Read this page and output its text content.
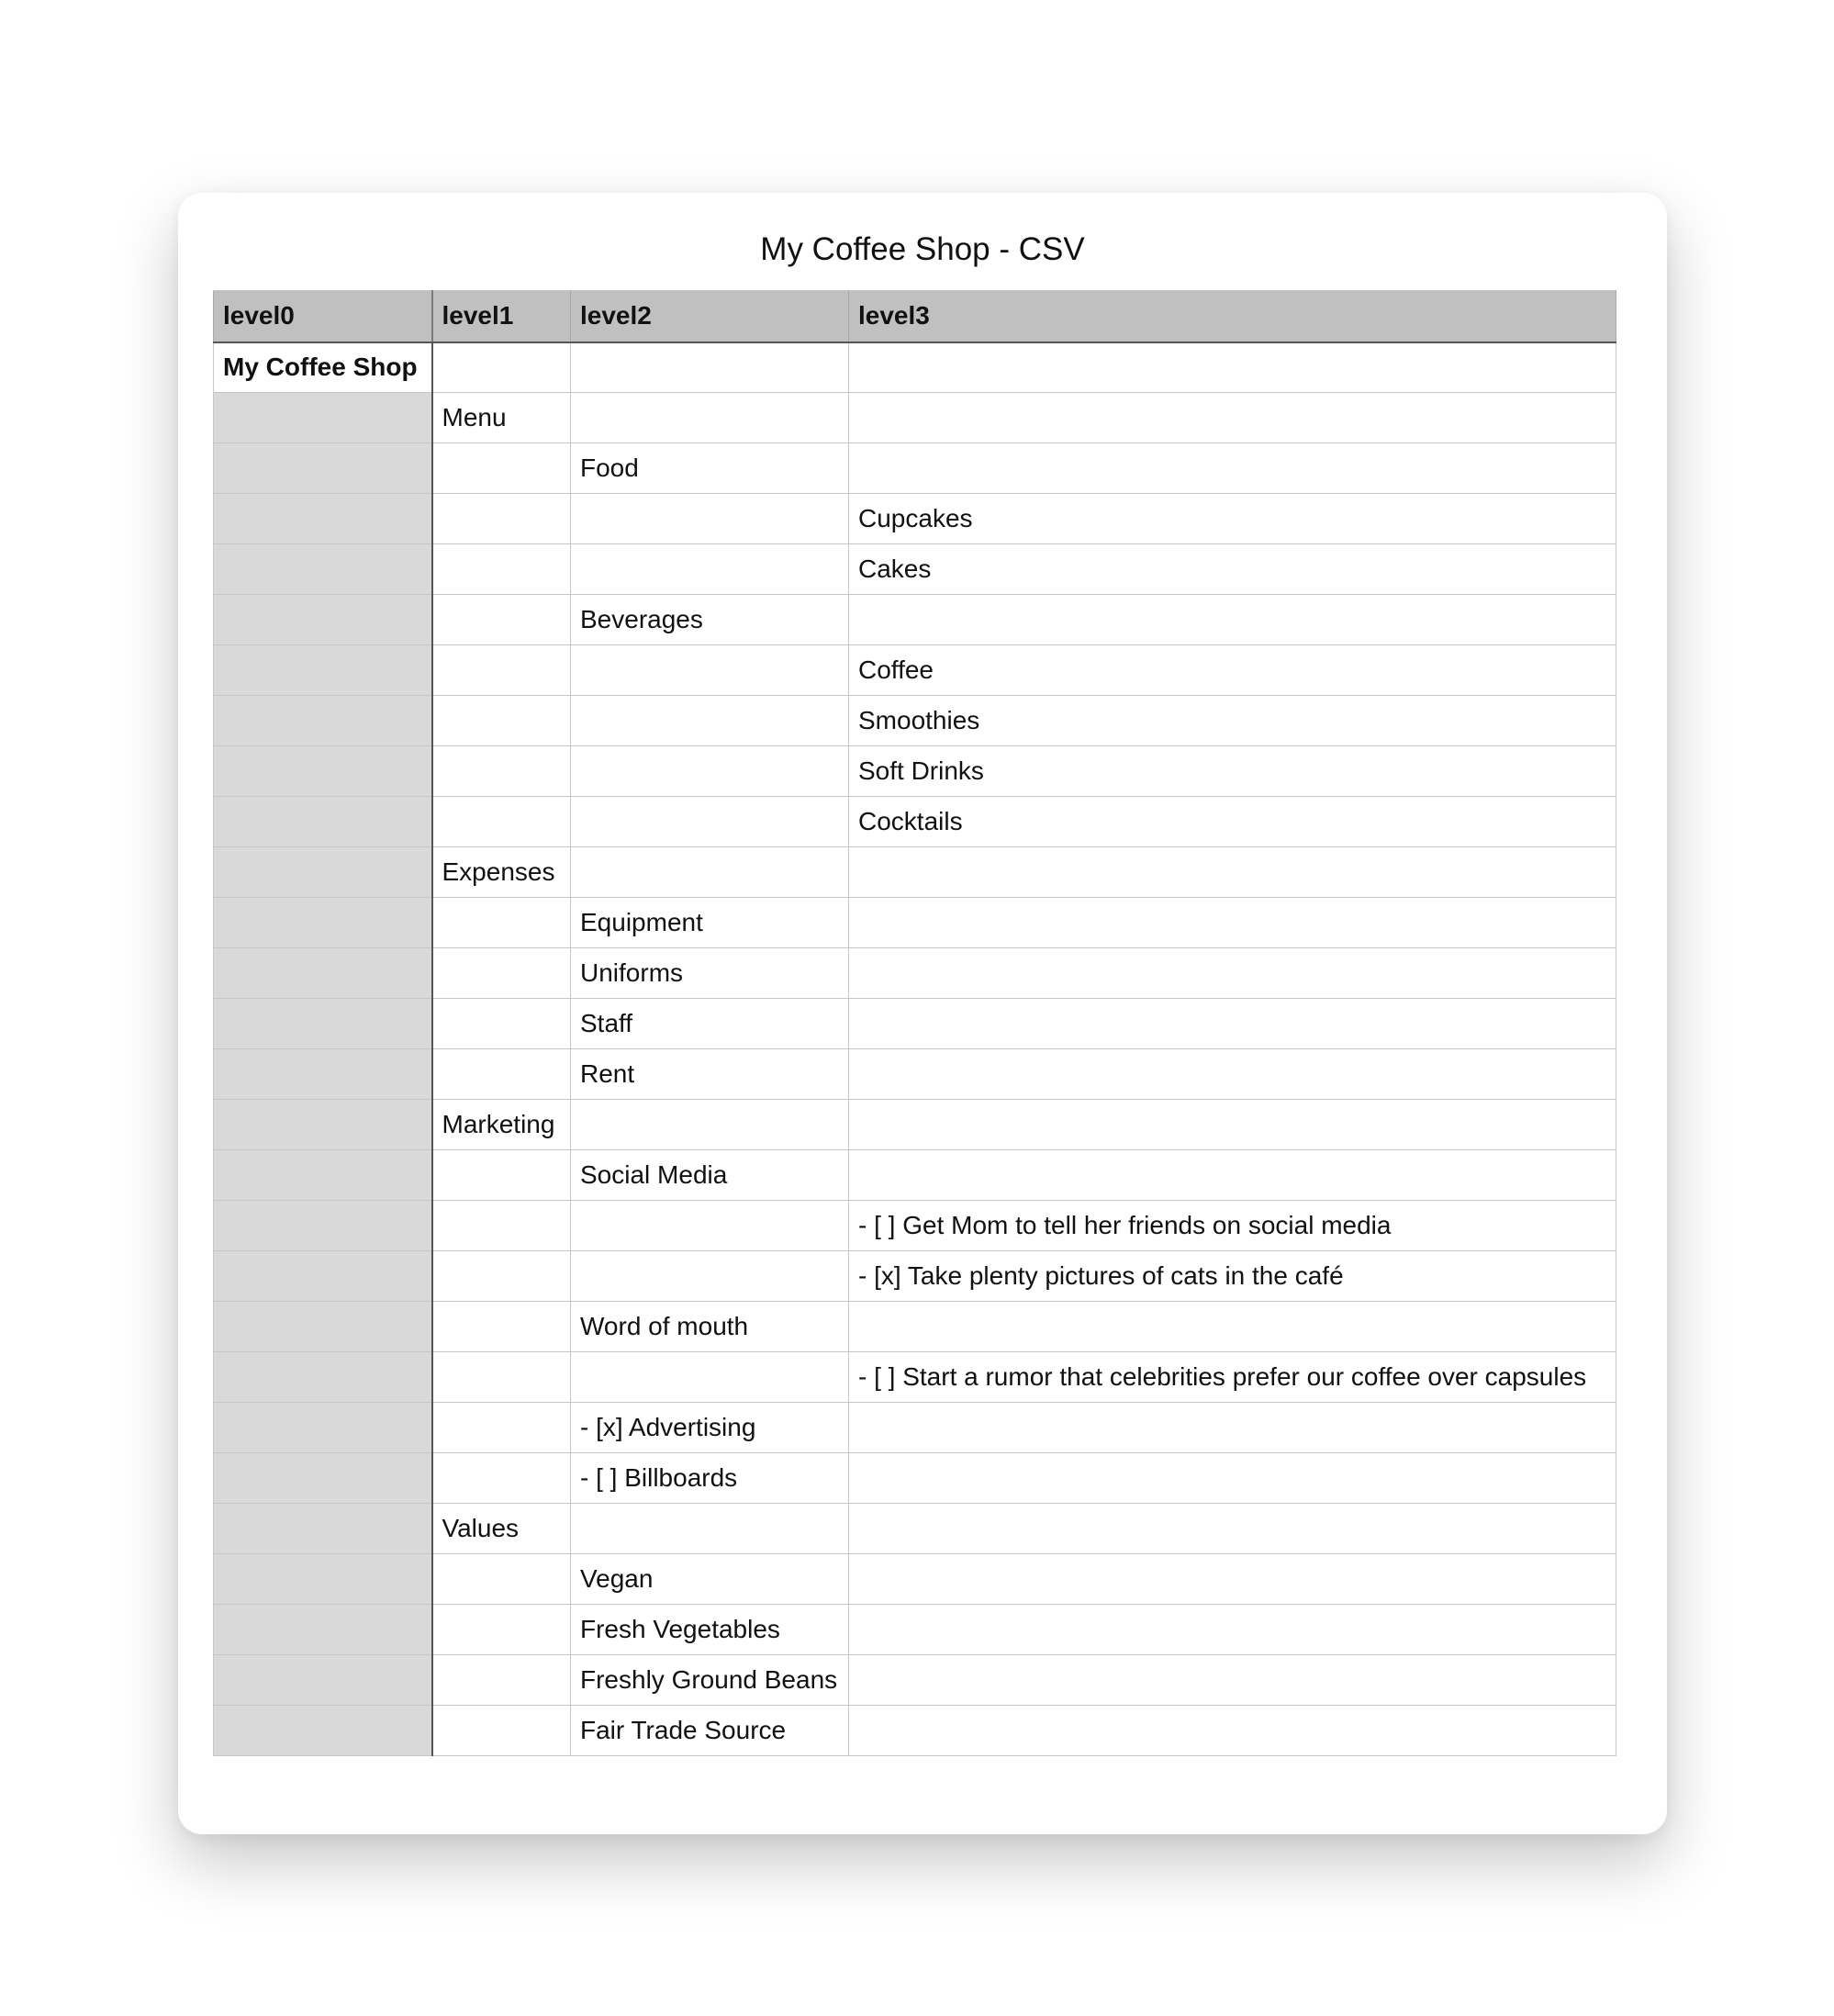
My Coffee Shop - CSV
level0	level1	level2	level3
My Coffee Shop			
	Menu		
		Food	
			Cupcakes
			Cakes
		Beverages	
			Coffee
			Smoothies
			Soft Drinks
			Cocktails
	Expenses		
		Equipment	
		Uniforms	
		Staff	
		Rent	
	Marketing		
		Social Media	
			- [ ] Get Mom to tell her friends on social media
			- [x] Take plenty pictures of cats in the café
		Word of mouth	
			- [ ] Start a rumor that celebrities prefer our coffee over capsules
		- [x] Advertising	
		- [ ] Billboards	
	Values		
		Vegan	
		Fresh Vegetables	
		Freshly Ground Beans	
		Fair Trade Source	
